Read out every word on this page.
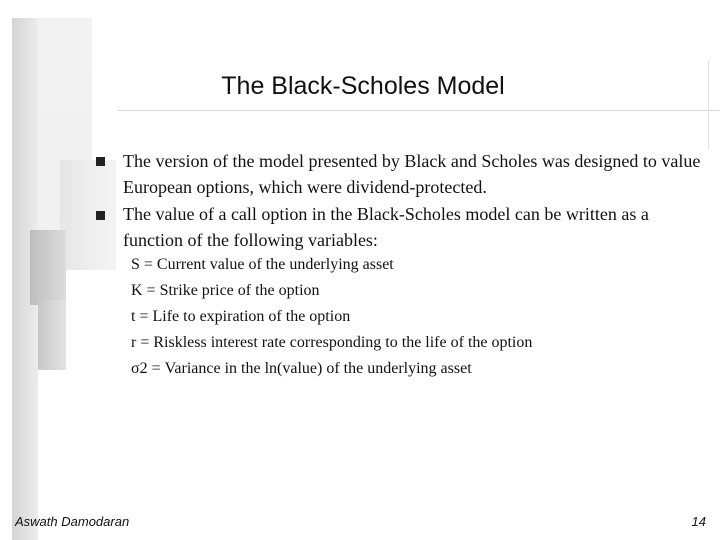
The Black-Scholes Model
The version of the model presented by Black and Scholes was designed to value European options, which were dividend-protected.
The value of a call option in the Black-Scholes model can be written as a function of the following variables:
S = Current value of the underlying asset
K = Strike price of the option
t = Life to expiration of the option
r = Riskless interest rate corresponding to the life of the option
σ2 = Variance in the ln(value) of the underlying asset
Aswath Damodaran	14
